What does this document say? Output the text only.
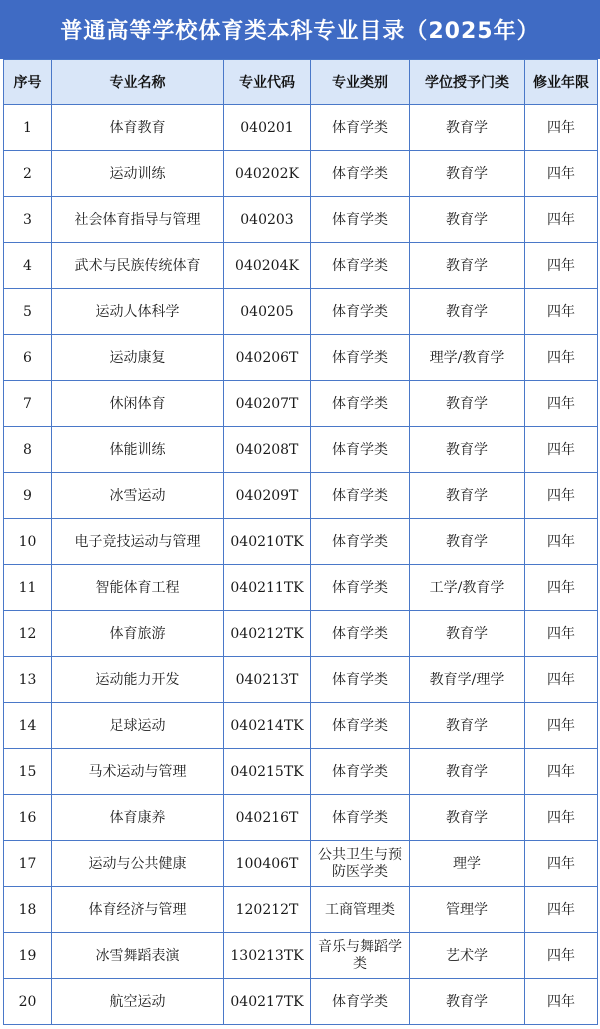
普通高等学校体育类本科专业目录（2025年）
序号	专业名称	专业代码	专业类别	学位授予门类	修业年限
1	体育教育	040201	体育学类	教育学	四年
2	运动训练	040202K	体育学类	教育学	四年
3	社会体育指导与管理	040203	体育学类	教育学	四年
4	武术与民族传统体育	040204K	体育学类	教育学	四年
5	运动人体科学	040205	体育学类	教育学	四年
6	运动康复	040206T	体育学类	理学/教育学	四年
7	休闲体育	040207T	体育学类	教育学	四年
8	体能训练	040208T	体育学类	教育学	四年
9	冰雪运动	040209T	体育学类	教育学	四年
10	电子竞技运动与管理	040210TK	体育学类	教育学	四年
11	智能体育工程	040211TK	体育学类	工学/教育学	四年
12	体育旅游	040212TK	体育学类	教育学	四年
13	运动能力开发	040213T	体育学类	教育学/理学	四年
14	足球运动	040214TK	体育学类	教育学	四年
15	马术运动与管理	040215TK	体育学类	教育学	四年
16	体育康养	040216T	体育学类	教育学	四年
17	运动与公共健康	100406T	公共卫生与预防医学类	理学	四年
18	体育经济与管理	120212T	工商管理类	管理学	四年
19	冰雪舞蹈表演	130213TK	音乐与舞蹈学类	艺术学	四年
20	航空运动	040217TK	体育学类	教育学	四年
